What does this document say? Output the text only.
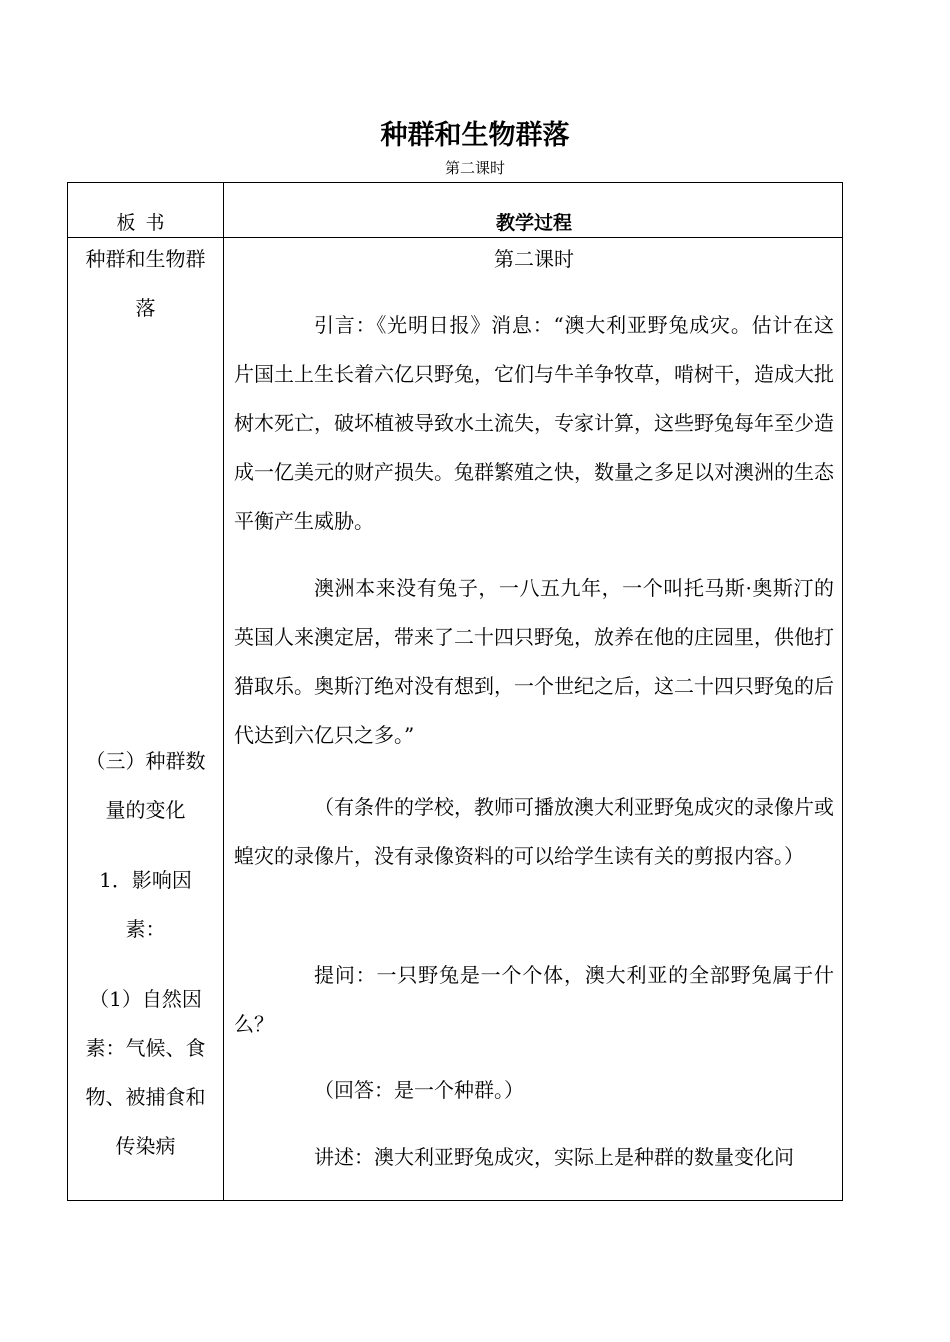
种群和生物群落
第二课时
板书	教学过程
种群和生物群
落
（三）种群数
量的变化
1．影响因
素：
（1）自然因
素：气候、食
物、被捕食和
传染病
第二课时
引言：《光明日报》消息：“澳大利亚野兔成灾。估计在这片国土上生长着六亿只野兔，它们与牛羊争牧草，啃树干，造成大批树木死亡，破坏植被导致水土流失，专家计算，这些野兔每年至少造成一亿美元的财产损失。兔群繁殖之快，数量之多足以对澳洲的生态平衡产生威胁。
澳洲本来没有兔子，一八五九年，一个叫托马斯·奥斯汀的英国人来澳定居，带来了二十四只野兔，放养在他的庄园里，供他打猎取乐。奥斯汀绝对没有想到，一个世纪之后，这二十四只野兔的后代达到六亿只之多。”
（有条件的学校，教师可播放澳大利亚野兔成灾的录像片或蝗灾的录像片，没有录像资料的可以给学生读有关的剪报内容。）
提问：一只野兔是一个个体，澳大利亚的全部野兔属于什么？
（回答：是一个种群。）
讲述：澳大利亚野兔成灾，实际上是种群的数量变化问
